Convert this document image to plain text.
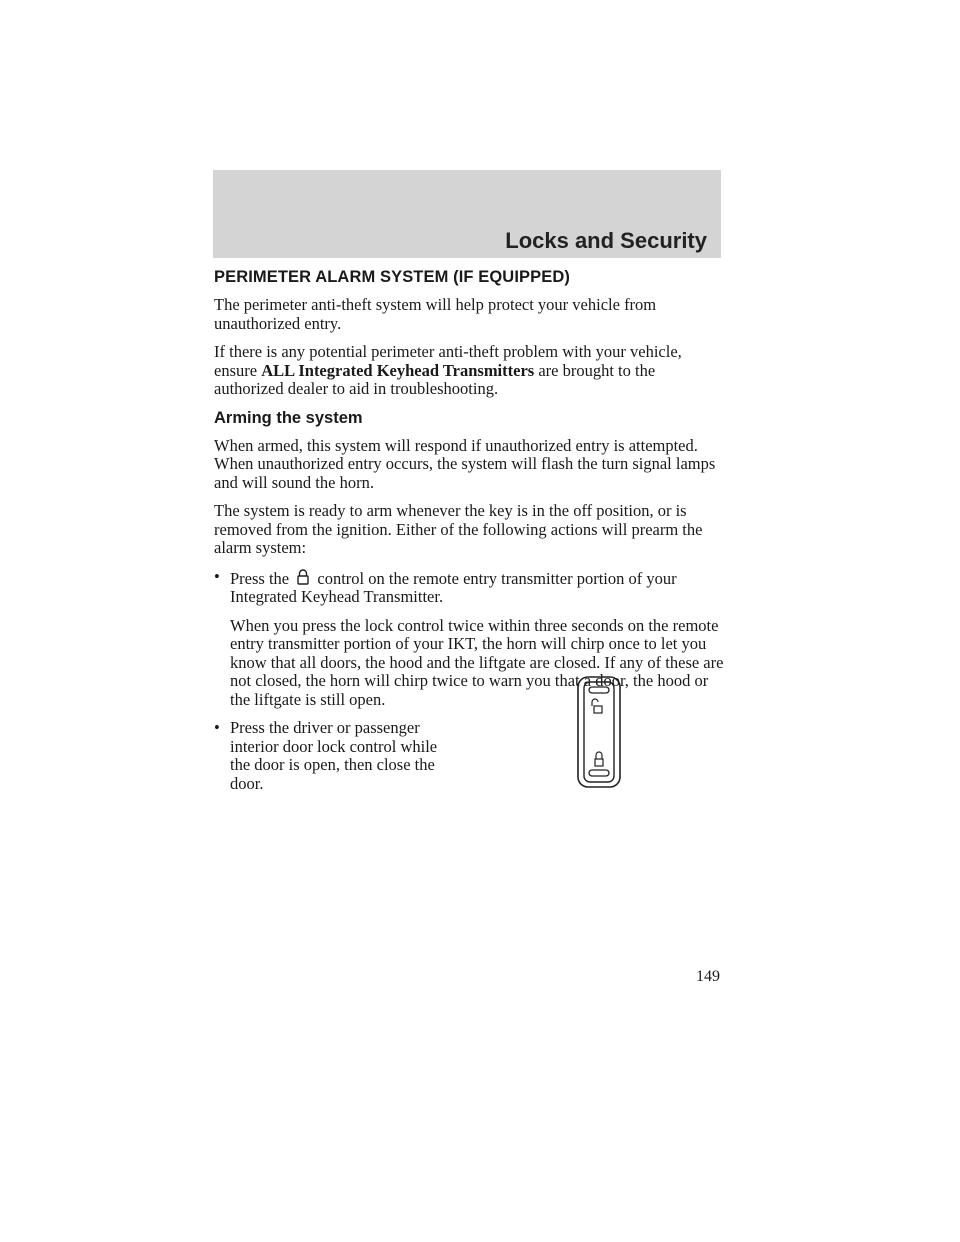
Locks and Security
PERIMETER ALARM SYSTEM (IF EQUIPPED)

The perimeter anti-theft system will help protect your vehicle from unauthorized entry.

If there is any potential perimeter anti-theft problem with your vehicle, ensure ALL Integrated Keyhead Transmitters are brought to the authorized dealer to aid in troubleshooting.

Arming the system

When armed, this system will respond if unauthorized entry is attempted. When unauthorized entry occurs, the system will flash the turn signal lamps and will sound the horn.

The system is ready to arm whenever the key is in the off position, or is removed from the ignition. Either of the following actions will prearm the alarm system:

• Press the  control on the remote entry transmitter portion of your Integrated Keyhead Transmitter.

When you press the lock control twice within three seconds on the remote entry transmitter portion of your IKT, the horn will chirp once to let you know that all doors, the hood and the liftgate are closed. If any of these are not closed, the horn will chirp twice to warn you that a door, the hood or the liftgate is still open.

• Press the driver or passenger interior door lock control while the door is open, then close the door.
149
